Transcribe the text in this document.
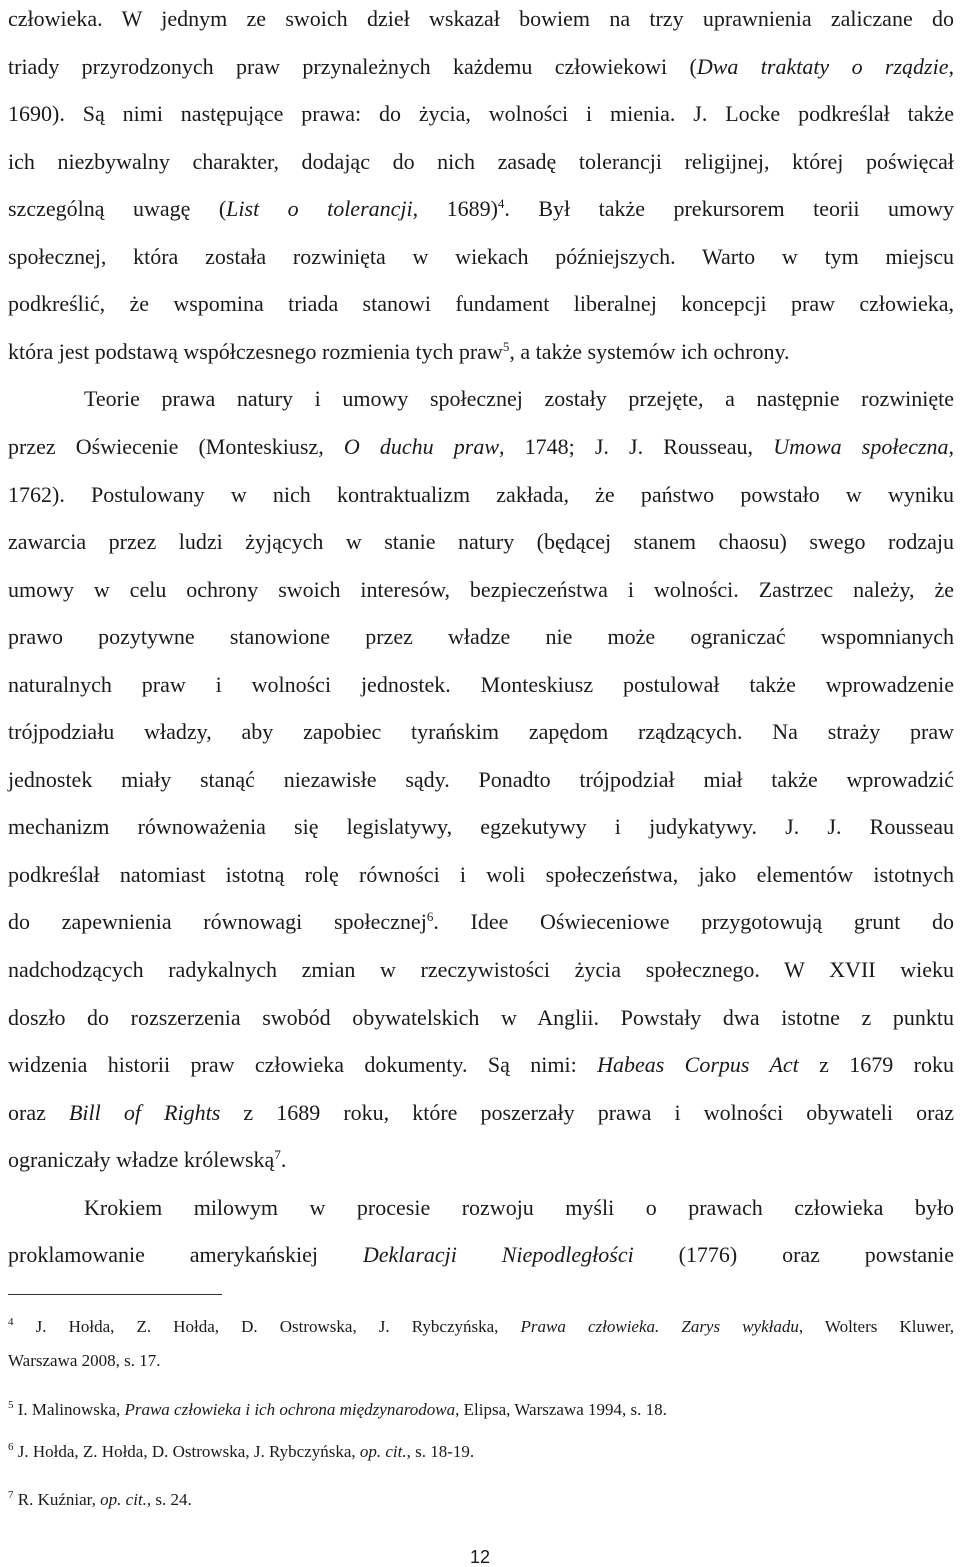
człowieka. W jednym ze swoich dzieł wskazał bowiem na trzy uprawnienia zaliczane do
triady przyrodzonych praw przynależnych każdemu człowiekowi (Dwa traktaty o rządzie,
1690). Są nimi następujące prawa: do życia, wolności i mienia. J. Locke podkreślał także
ich niezbywalny charakter, dodając do nich zasadę tolerancji religijnej, której poświęcał
szczególną uwagę (List o tolerancji, 1689)$^4$. Był także prekursorem teorii umowy
społecznej, która została rozwinięta w wiekach późniejszych. Warto w tym miejscu
podkreślić, że wspomina triada stanowi fundament liberalnej koncepcji praw człowieka,
która jest podstawą współczesnego rozmienia tych praw$^5$, a także systemów ich ochrony.
Teorie prawa natury i umowy społecznej zostały przejęte, a następnie rozwinięte
przez Oświecenie (Monteskiusz, O duchu praw, 1748; J. J. Rousseau, Umowa społeczna,
1762). Postulowany w nich kontraktualizm zakłada, że państwo powstało w wyniku
zawarcia przez ludzi żyjących w stanie natury (będącej stanem chaosu) swego rodzaju
umowy w celu ochrony swoich interesów, bezpieczeństwa i wolności. Zastrzec należy, że
prawo pozytywne stanowione przez władze nie może ograniczać wspomnianych
naturalnych praw i wolności jednostek. Monteskiusz postulował także wprowadzenie
trójpodziału władzy, aby zapobiec tyrańskim zapędom rządzących. Na straży praw
jednostek miały stanąć niezawisłe sądy. Ponadto trójpodział miał także wprowadzić
mechanizm równoważenia się legislatywy, egzekutywy i judykatywy. J. J. Rousseau
podkreślał natomiast istotną rolę równości i woli społeczeństwa, jako elementów istotnych
do zapewnienia równowagi społecznej$^6$. Idee Oświeceniowe przygotowują grunt do
nadchodzących radykalnych zmian w rzeczywistości życia społecznego. W XVII wieku
doszło do rozszerzenia swobód obywatelskich w Anglii. Powstały dwa istotne z punktu
widzenia historii praw człowieka dokumenty. Są nimi: Habeas Corpus Act z 1679 roku
oraz Bill of Rights z 1689 roku, które poszerzały prawa i wolności obywateli oraz
ograniczały władze królewską$^7$.
Krokiem milowym w procesie rozwoju myśli o prawach człowieka było
proklamowanie amerykańskiej Deklaracji Niepodległości (1776) oraz powstanie
$^4$ J. Hołda, Z. Hołda, D. Ostrowska, J. Rybczyńska, Prawa człowieka. Zarys wykładu, Wolters Kluwer,
Warszawa 2008, s. 17.
$^5$ I. Malinowska, Prawa człowieka i ich ochrona międzynarodowa, Elipsa, Warszawa 1994, s. 18.
$^6$ J. Hołda, Z. Hołda, D. Ostrowska, J. Rybczyńska, op. cit., s. 18-19.
$^7$ R. Kuźniar, op. cit., s. 24.
12
